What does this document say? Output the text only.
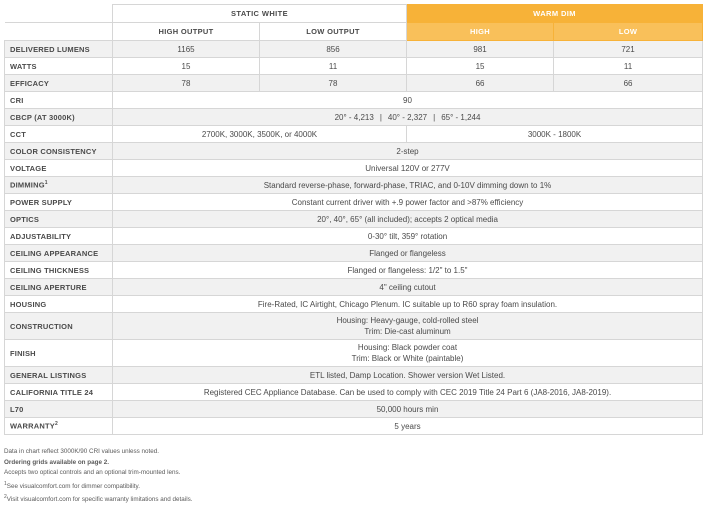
	STATIC WHITE		WARM DIM	
	HIGH OUTPUT	LOW OUTPUT	HIGH	LOW
DELIVERED LUMENS	1165	856	981	721
WATTS	15	11	15	11
EFFICACY	78	78	66	66
CRI	90			
CBCP (AT 3000K)	20° - 4,213 | 40° - 2,327 | 65° - 1,244			
CCT	2700K, 3000K, 3500K, or 4000K		3000K - 1800K	
COLOR CONSISTENCY	2-step			
VOLTAGE	Universal 120V or 277V			
DIMMING$^1$	Standard reverse-phase, forward-phase, TRIAC, and 0-10V dimming down to 1%			
POWER SUPPLY	Constant current driver with +.9 power factor and >87% efficiency			
OPTICS	20°, 40°, 65° (all included); accepts 2 optical media			
ADJUSTABILITY	0-30° tilt, 359° rotation			
CEILING APPEARANCE	Flanged or flangeless			
CEILING THICKNESS	Flanged or flangeless: 1/2" to 1.5"			
CEILING APERTURE	4" ceiling cutout			
HOUSING	Fire-Rated, IC Airtight, Chicago Plenum. IC suitable up to R60 spray foam insulation.			
CONSTRUCTION	Housing: Heavy-gauge, cold-rolled steel
Trim: Die-cast aluminum			

FINISH	Housing: Black powder coat
Trim: Black or White (paintable)			

GENERAL LISTINGS	ETL listed, Damp Location. Shower version Wet Listed.			
CALIFORNIA TITLE 24	Registered CEC Appliance Database. Can be used to comply with CEC 2019 Title 24 Part 6 (JA8-2016, JA8-2019).			
L70	50,000 hours min			
WARRANTY$^2$	5 years			
Data in chart reflect 3000K/90 CRI values unless noted.
Ordering grids available on page 2.
Accepts two optical controls and an optional trim-mounted lens.
$^1$See visualcomfort.com for dimmer compatibility.
$^2$Visit visualcomfort.com for specific warranty limitations and details.
